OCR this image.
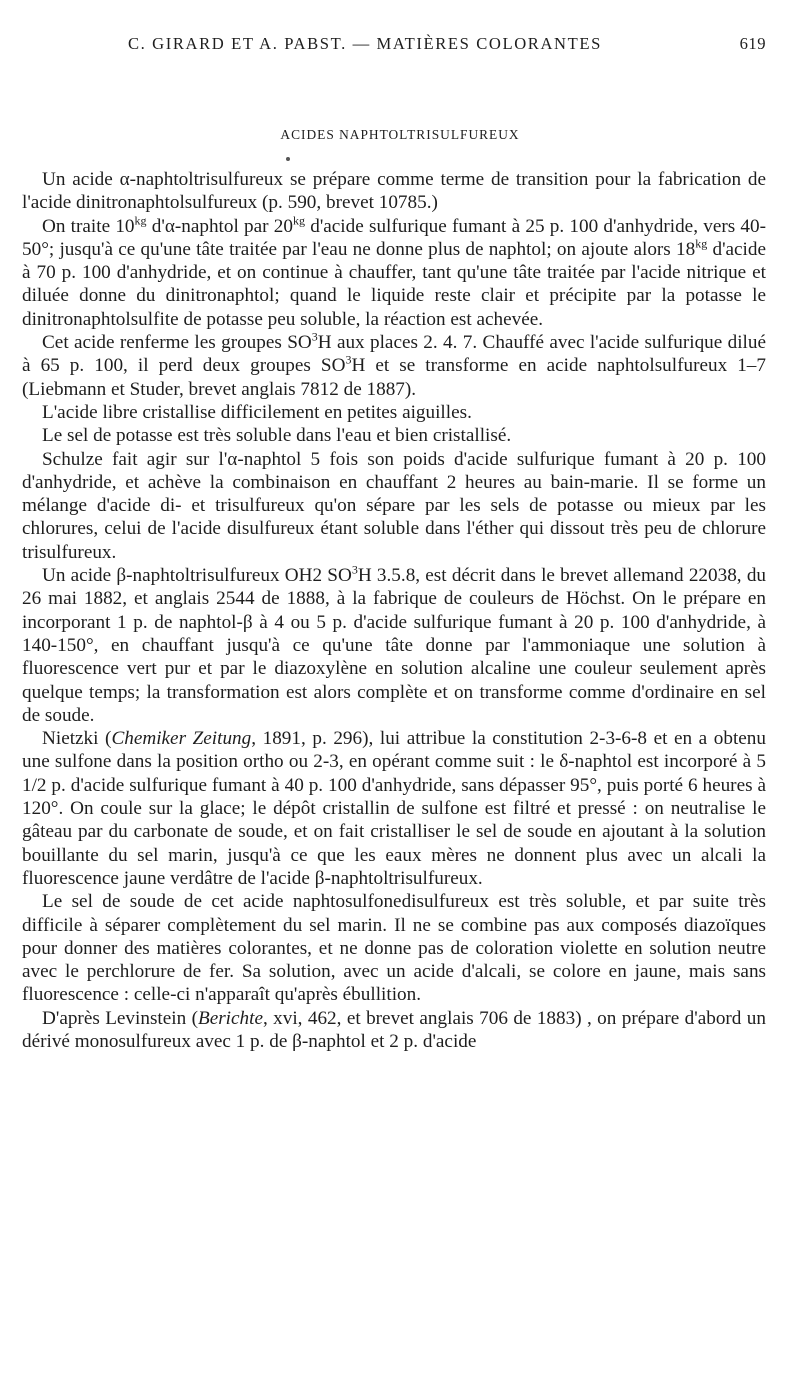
C. GIRARD ET A. PABST. — MATIÈRES COLORANTES	619
ACIDES NAPHTOLTRISULFUREUX

Un acide α-naphtoltrisulfureux se prépare comme terme de transition pour la fabrication de l'acide dinitronaphtolsulfureux (p. 590, brevet 10785.)

On traite $10^{kg}$ d'α-naphtol par $20^{kg}$ d'acide sulfurique fumant à 25 p. 100 d'anhydride, vers 40-50°; jusqu'à ce qu'une tâte traitée par l'eau ne donne plus de naphtol; on ajoute alors $18^{kg}$ d'acide à 70 p. 100 d'anhydride, et on continue à chauffer, tant qu'une tâte traitée par l'acide nitrique et diluée donne du dinitronaphtol; quand le liquide reste clair et précipite par la potasse le dinitronaphtolsulfite de potasse peu soluble, la réaction est achevée.

Cet acide renferme les groupes $SO^3H$ aux places 2. 4. 7. Chauffé avec l'acide sulfurique dilué à 65 p. 100, il perd deux groupes $SO^3H$ et se transforme en acide naphtolsulfureux 1–7 (Liebmann et Studer, brevet anglais 7812 de 1887).

L'acide libre cristallise difficilement en petites aiguilles.

Le sel de potasse est très soluble dans l'eau et bien cristallisé.

Schulze fait agir sur l'α-naphtol 5 fois son poids d'acide sulfurique fumant à 20 p. 100 d'anhydride, et achève la combinaison en chauffant 2 heures au bain-marie. Il se forme un mélange d'acide di- et trisulfureux qu'on sépare par les sels de potasse ou mieux par les chlorures, celui de l'acide disulfureux étant soluble dans l'éther qui dissout très peu de chlorure trisulfureux.

Un acide β-naphtoltrisulfureux OH2 $SO^3H$ 3.5.8, est décrit dans le brevet allemand 22038, du 26 mai 1882, et anglais 2544 de 1888, à la fabrique de couleurs de Höchst. On le prépare en incorporant 1 p. de naphtol-β à 4 ou 5 p. d'acide sulfurique fumant à 20 p. 100 d'anhydride, à 140-150°, en chauffant jusqu'à ce qu'une tâte donne par l'ammoniaque une solution à fluorescence vert pur et par le diazoxylène en solution alcaline une couleur seulement après quelque temps; la transformation est alors complète et on transforme comme d'ordinaire en sel de soude.

Nietzki (Chemiker Zeitung, 1891, p. 296), lui attribue la constitution 2-3-6-8 et en a obtenu une sulfone dans la position ortho ou 2-3, en opérant comme suit : le δ-naphtol est incorporé à 5 1/2 p. d'acide sulfurique fumant à 40 p. 100 d'anhydride, sans dépasser 95°, puis porté 6 heures à 120°. On coule sur la glace; le dépôt cristallin de sulfone est filtré et pressé : on neutralise le gâteau par du carbonate de soude, et on fait cristalliser le sel de soude en ajoutant à la solution bouillante du sel marin, jusqu'à ce que les eaux mères ne donnent plus avec un alcali la fluorescence jaune verdâtre de l'acide β-naphtoltrisulfureux.

Le sel de soude de cet acide naphtosulfonedisulfureux est très soluble, et par suite très difficile à séparer complètement du sel marin. Il ne se combine pas aux composés diazoïques pour donner des matières colorantes, et ne donne pas de coloration violette en solution neutre avec le perchlorure de fer. Sa solution, avec un acide d'alcali, se colore en jaune, mais sans fluorescence : celle-ci n'apparaît qu'après ébullition.

D'après Levinstein (Berichte, xvi, 462, et brevet anglais 706 de 1883) , on prépare d'abord un dérivé monosulfureux avec 1 p. de β-naphtol et 2 p. d'acide
